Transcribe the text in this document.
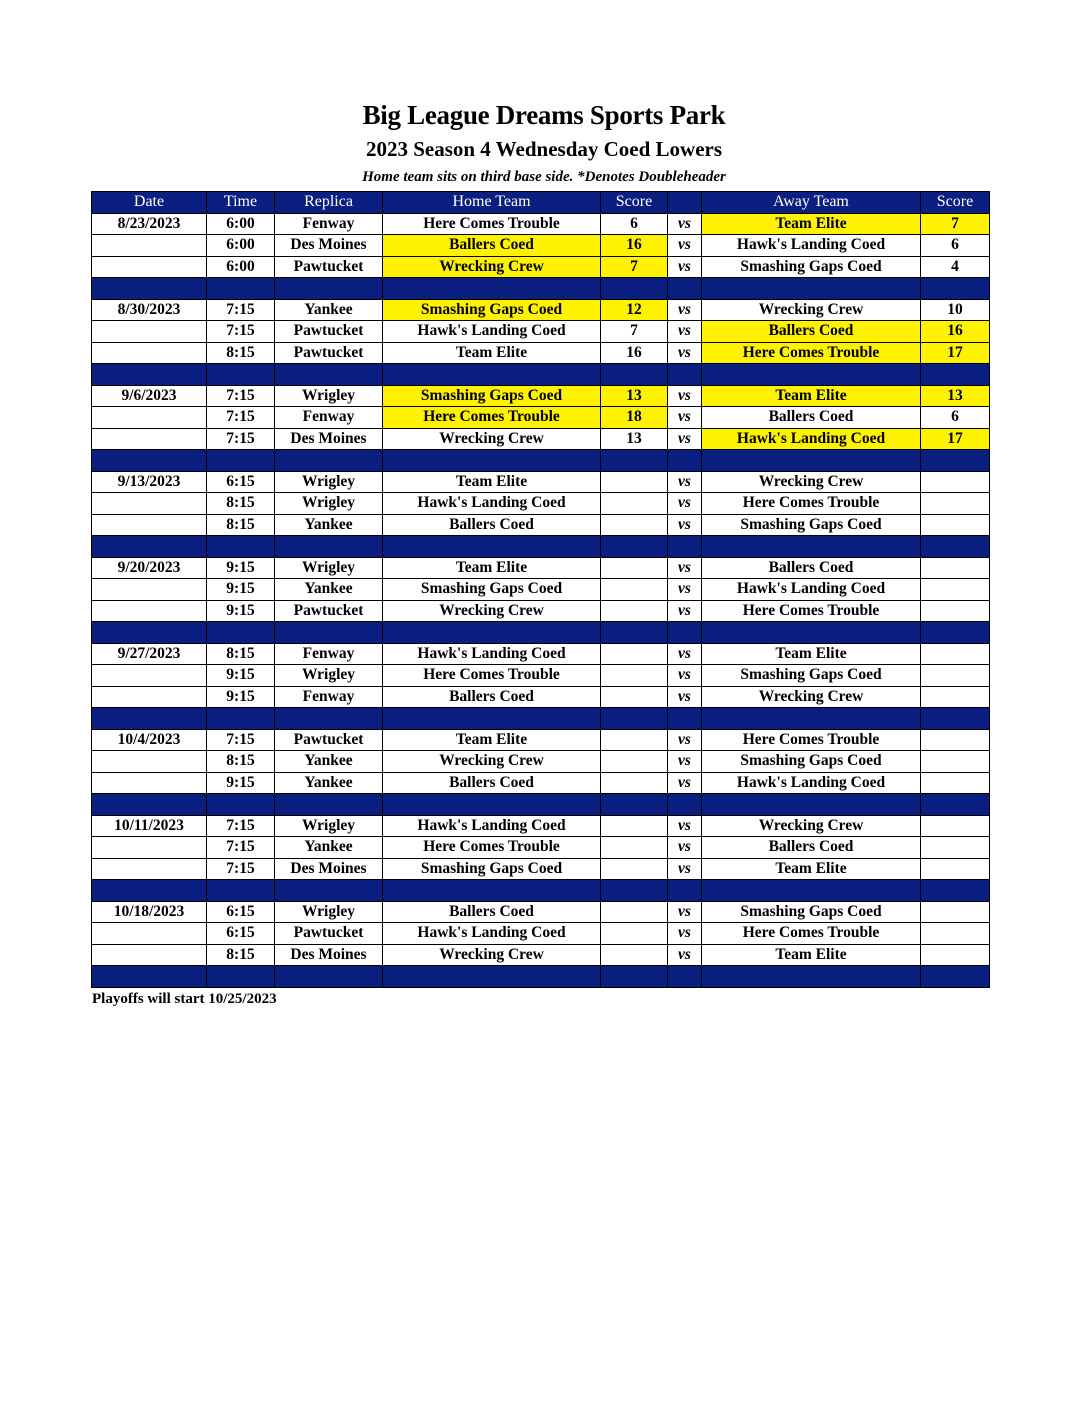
Big League Dreams Sports Park
2023 Season 4 Wednesday Coed Lowers
Home team sits on third base side. *Denotes Doubleheader
Date	Time	Replica	Home Team	Score		Away Team	Score
8/23/2023	6:00	Fenway	Here Comes Trouble	6	vs	Team Elite	7
	6:00	Des Moines	Ballers Coed	16	vs	Hawk's Landing Coed	6
	6:00	Pawtucket	Wrecking Crew	7	vs	Smashing Gaps Coed	4

8/30/2023	7:15	Yankee	Smashing Gaps Coed	12	vs	Wrecking Crew	10
	7:15	Pawtucket	Hawk's Landing Coed	7	vs	Ballers Coed	16
	8:15	Pawtucket	Team Elite	16	vs	Here Comes Trouble	17

9/6/2023	7:15	Wrigley	Smashing Gaps Coed	13	vs	Team Elite	13
	7:15	Fenway	Here Comes Trouble	18	vs	Ballers Coed	6
	7:15	Des Moines	Wrecking Crew	13	vs	Hawk's Landing Coed	17

9/13/2023	6:15	Wrigley	Team Elite		vs	Wrecking Crew	
	8:15	Wrigley	Hawk's Landing Coed		vs	Here Comes Trouble	
	8:15	Yankee	Ballers Coed		vs	Smashing Gaps Coed	

9/20/2023	9:15	Wrigley	Team Elite		vs	Ballers Coed	
	9:15	Yankee	Smashing Gaps Coed		vs	Hawk's Landing Coed	
	9:15	Pawtucket	Wrecking Crew		vs	Here Comes Trouble	

9/27/2023	8:15	Fenway	Hawk's Landing Coed		vs	Team Elite	
	9:15	Wrigley	Here Comes Trouble		vs	Smashing Gaps Coed	
	9:15	Fenway	Ballers Coed		vs	Wrecking Crew	

10/4/2023	7:15	Pawtucket	Team Elite		vs	Here Comes Trouble	
	8:15	Yankee	Wrecking Crew		vs	Smashing Gaps Coed	
	9:15	Yankee	Ballers Coed		vs	Hawk's Landing Coed	

10/11/2023	7:15	Wrigley	Hawk's Landing Coed		vs	Wrecking Crew	
	7:15	Yankee	Here Comes Trouble		vs	Ballers Coed	
	7:15	Des Moines	Smashing Gaps Coed		vs	Team Elite	

10/18/2023	6:15	Wrigley	Ballers Coed		vs	Smashing Gaps Coed	
	6:15	Pawtucket	Hawk's Landing Coed		vs	Here Comes Trouble	
	8:15	Des Moines	Wrecking Crew		vs	Team Elite	

Playoffs will start 10/25/2023
